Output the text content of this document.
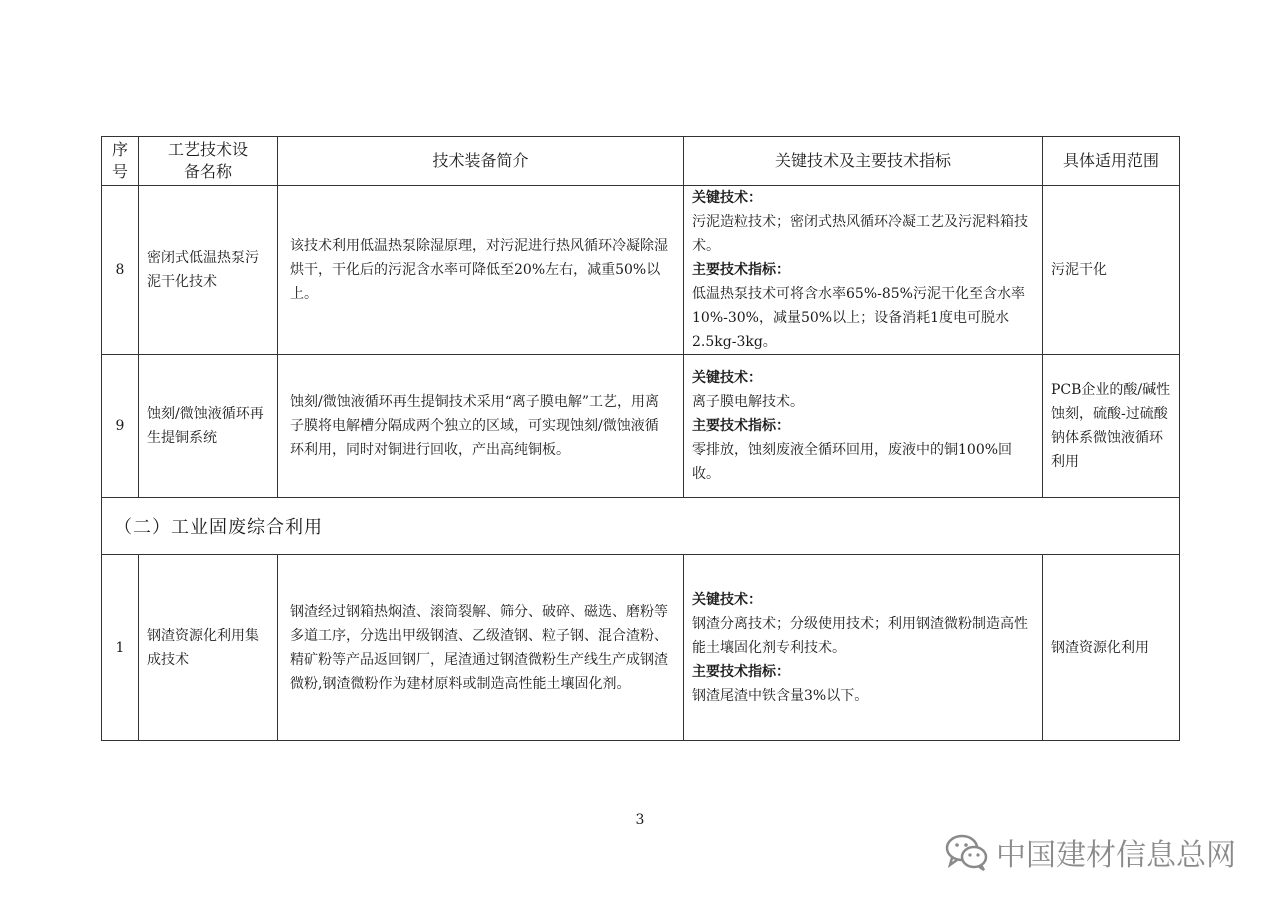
序号	工艺技术设备名称	技术装备简介	关键技术及主要技术指标	具体适用范围
8	密闭式低温热泵污泥干化技术	该技术利用低温热泵除湿原理，对污泥进行热风循环冷凝除湿烘干，干化后的污泥含水率可降低至20%左右，减重50%以上。	关键技术：
污泥造粒技术；密闭式热风循环冷凝工艺及污泥料箱技术。
主要技术指标：
低温热泵技术可将含水率65%-85%污泥干化至含水率10%-30%，减量50%以上；设备消耗1度电可脱水2.5kg-3kg。	污泥干化
9	蚀刻/微蚀液循环再生提铜系统	蚀刻/微蚀液循环再生提铜技术采用“离子膜电解”工艺，用离子膜将电解槽分隔成两个独立的区域，可实现蚀刻/微蚀液循环利用，同时对铜进行回收，产出高纯铜板。	关键技术：
离子膜电解技术。
主要技术指标：
零排放，蚀刻废液全循环回用，废液中的铜100%回收。	PCB企业的酸/碱性蚀刻，硫酸-过硫酸钠体系微蚀液循环利用
（二）工业固废综合利用				
1	钢渣资源化利用集成技术	钢渣经过钢箱热焖渣、滚筒裂解、筛分、破碎、磁选、磨粉等多道工序，分选出甲级钢渣、乙级渣钢、粒子钢、混合渣粉、精矿粉等产品返回钢厂，尾渣通过钢渣微粉生产线生产成钢渣微粉,钢渣微粉作为建材原料或制造高性能土壤固化剂。	关键技术：
钢渣分离技术；分级使用技术；利用钢渣微粉制造高性能土壤固化剂专利技术。
主要技术指标：
钢渣尾渣中铁含量3%以下。	钢渣资源化利用
3
中国建材信息总网
